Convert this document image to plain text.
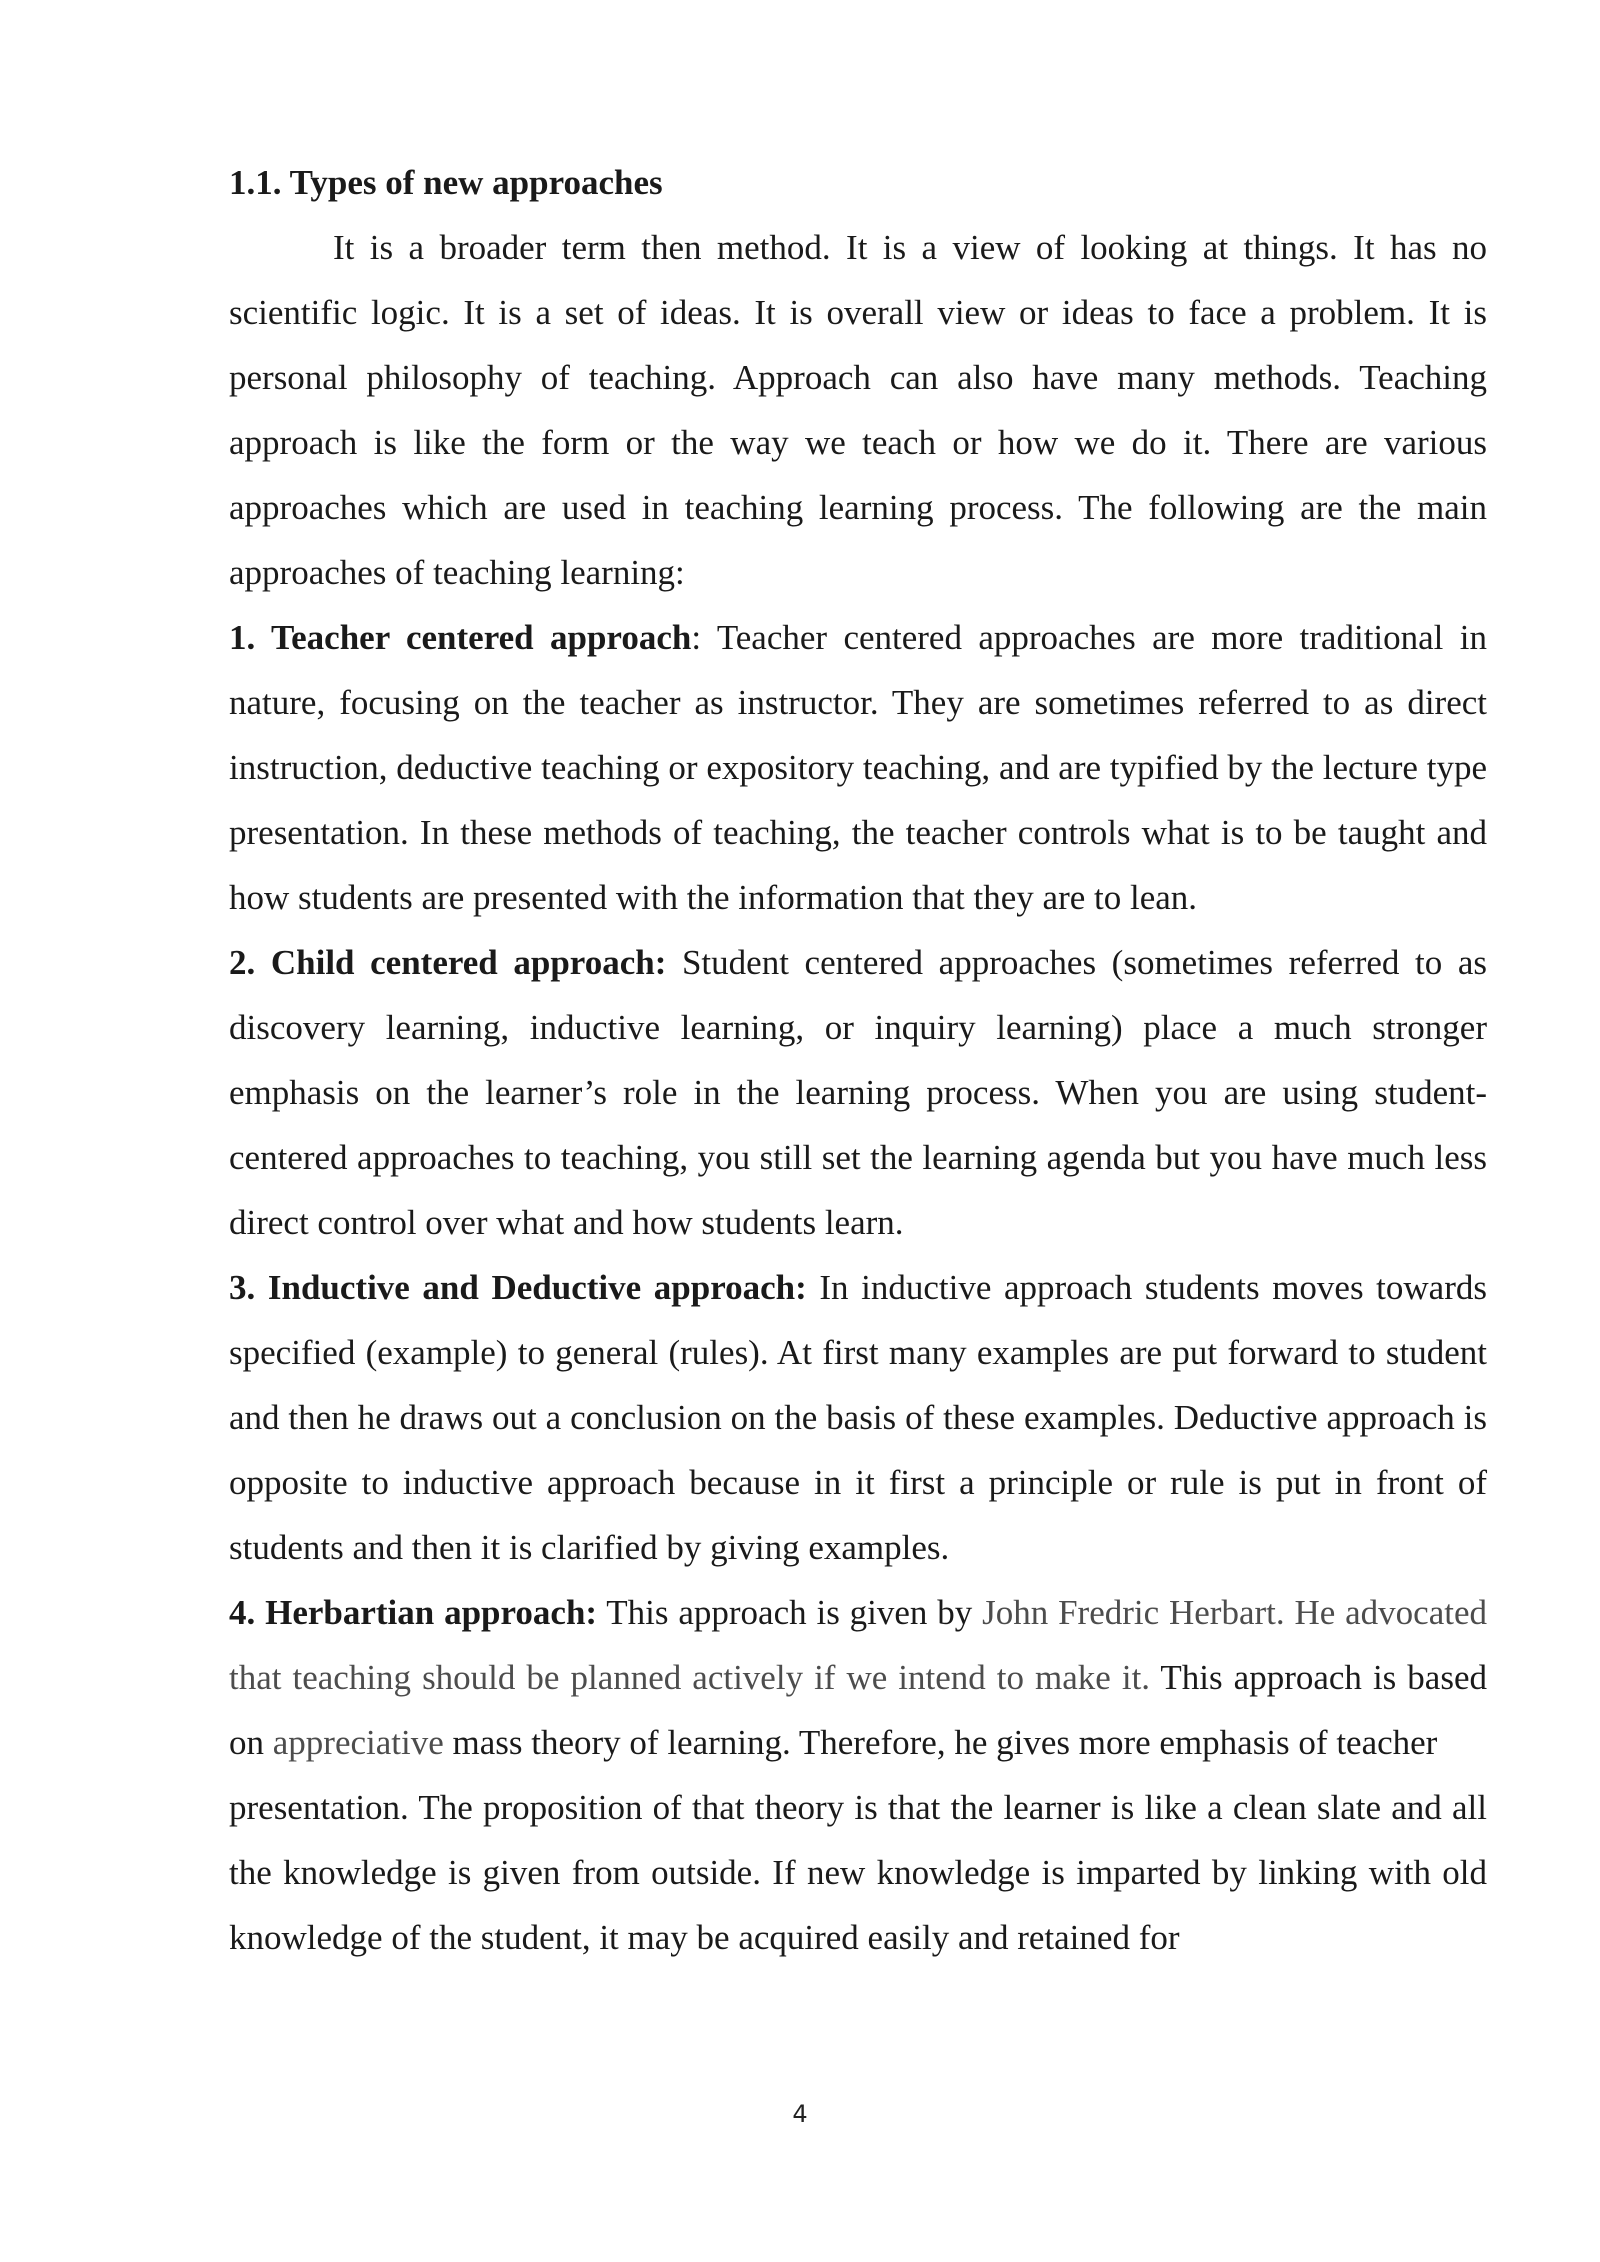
1.1. Types of new approaches

It is a broader term then method. It is a view of looking at things. It has no scientific logic. It is a set of ideas. It is overall view or ideas to face a problem. It is personal philosophy of teaching. Approach can also have many methods. Teaching approach is like the form or the way we teach or how we do it. There are various approaches which are used in teaching learning process. The following are the main approaches of teaching learning:

1. Teacher centered approach: Teacher centered approaches are more traditional in nature, focusing on the teacher as instructor. They are sometimes referred to as direct instruction, deductive teaching or expository teaching, and are typified by the lecture type presentation. In these methods of teaching, the teacher controls what is to be taught and how students are presented with the information that they are to lean.

2. Child centered approach: Student centered approaches (sometimes referred to as discovery learning, inductive learning, or inquiry learning) place a much stronger emphasis on the learner’s role in the learning process. When you are using student-centered approaches to teaching, you still set the learning agenda but you have much less direct control over what and how students learn.

3. Inductive and Deductive approach: In inductive approach students moves towards specified (example) to general (rules). At first many examples are put forward to student and then he draws out a conclusion on the basis of these examples. Deductive approach is opposite to inductive approach because in it first a principle or rule is put in front of students and then it is clarified by giving examples.

4. Herbartian approach: This approach is given by John Fredric Herbart. He advocated that teaching should be planned actively if we intend to make it. This approach is based on appreciative mass theory of learning. Therefore, he gives more emphasis of teacher

presentation. The proposition of that theory is that the learner is like a clean slate and all the knowledge is given from outside. If new knowledge is imparted by linking with old knowledge of the student, it may be acquired easily and retained for

4
